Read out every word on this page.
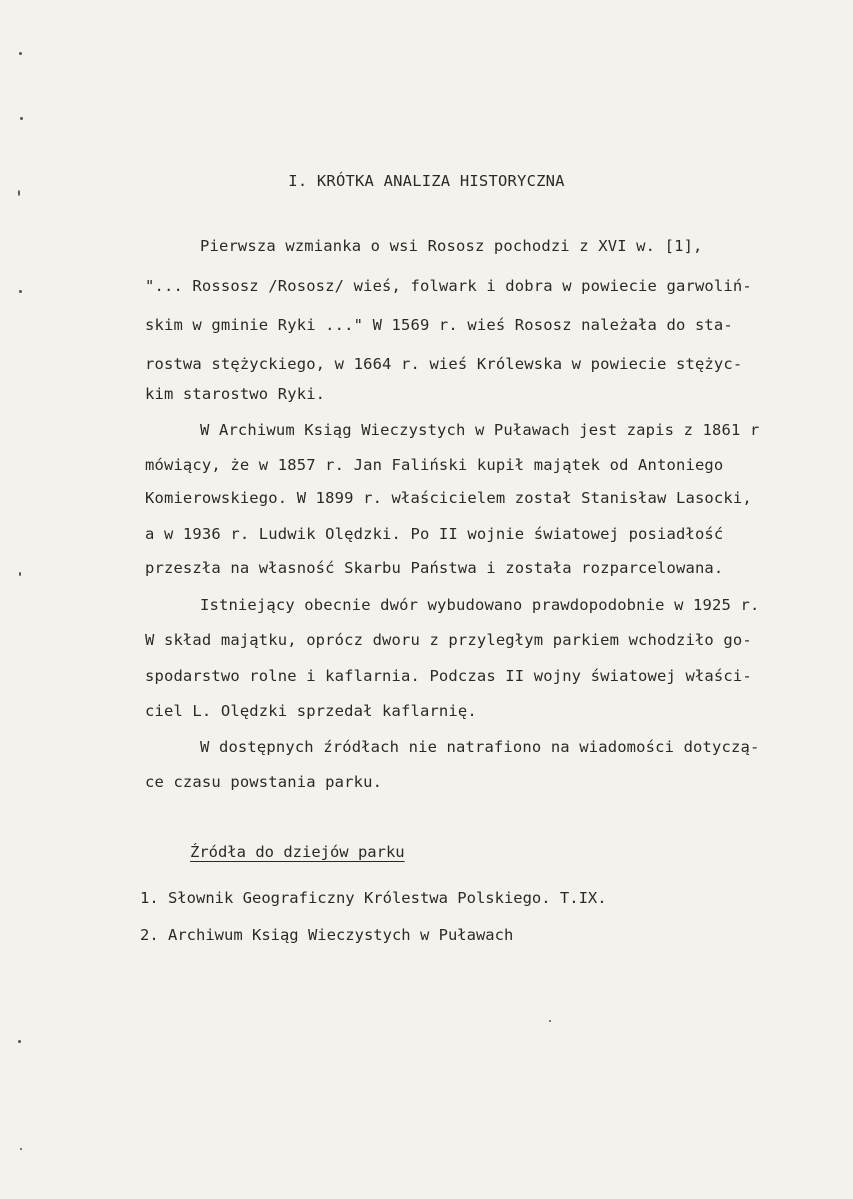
I. KRÓTKA ANALIZA HISTORYCZNA
Pierwsza wzmianka o wsi Rososz pochodzi z XVI w. [1],
"... Rossosz /Rososz/ wieś, folwark i dobra w powiecie garwoliń-
skim w gminie Ryki ..." W 1569 r. wieś Rososz należała do sta-
rostwa stężyckiego, w 1664 r. wieś Królewska w powiecie stężyc-
kim starostwo Ryki.
W Archiwum Ksiąg Wieczystych w Puławach jest zapis z 1861 r
mówiący, że w 1857 r. Jan Faliński kupił majątek od Antoniego
Komierowskiego. W 1899 r. właścicielem został Stanisław Lasocki,
a w 1936 r. Ludwik Olędzki. Po II wojnie światowej posiadłość
przeszła na własność Skarbu Państwa i została rozparcelowana.
Istniejący obecnie dwór wybudowano prawdopodobnie w 1925 r.
W skład majątku, oprócz dworu z przyległym parkiem wchodziło go-
spodarstwo rolne i kaflarnia. Podczas II wojny światowej właści-
ciel L. Olędzki sprzedał kaflarnię.
W dostępnych źródłach nie natrafiono na wiadomości dotyczą-
ce czasu powstania parku.
Źródła do dziejów parku
1. Słownik Geograficzny Królestwa Polskiego. T.IX.
2. Archiwum Ksiąg Wieczystych w Puławach
